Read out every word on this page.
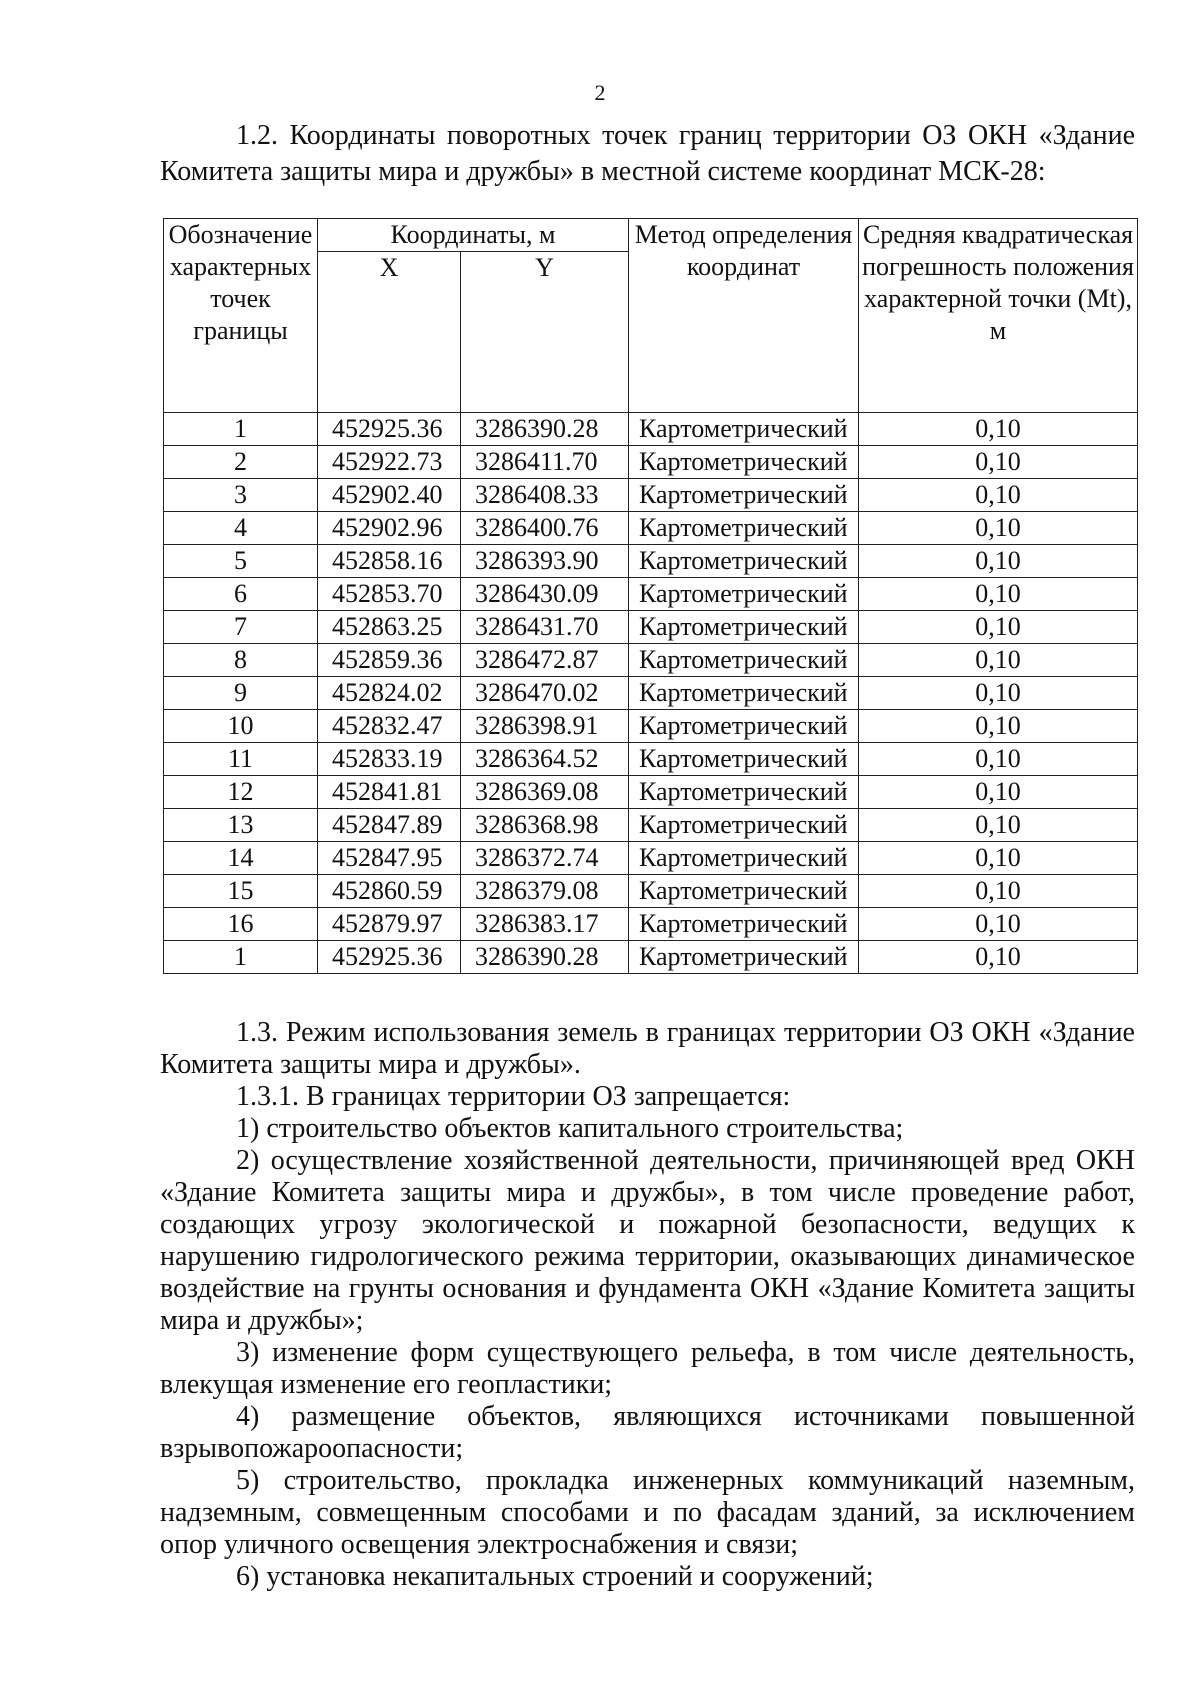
2

1.2. Координаты поворотных точек границ территории ОЗ ОКН «Здание Комитета защиты мира и дружбы» в местной системе координат МСК-28:

Обозначение характерных точек границы	Координаты, м		Метод определения координат	Средняя квадратическая погрешность положения характерной точки (Mt), м
	X	Y		
1	452925.36	3286390.28	Картометрический	0,10
2	452922.73	3286411.70	Картометрический	0,10
3	452902.40	3286408.33	Картометрический	0,10
4	452902.96	3286400.76	Картометрический	0,10
5	452858.16	3286393.90	Картометрический	0,10
6	452853.70	3286430.09	Картометрический	0,10
7	452863.25	3286431.70	Картометрический	0,10
8	452859.36	3286472.87	Картометрический	0,10
9	452824.02	3286470.02	Картометрический	0,10
10	452832.47	3286398.91	Картометрический	0,10
11	452833.19	3286364.52	Картометрический	0,10
12	452841.81	3286369.08	Картометрический	0,10
13	452847.89	3286368.98	Картометрический	0,10
14	452847.95	3286372.74	Картометрический	0,10
15	452860.59	3286379.08	Картометрический	0,10
16	452879.97	3286383.17	Картометрический	0,10
1	452925.36	3286390.28	Картометрический	0,10

1.3. Режим использования земель в границах территории ОЗ ОКН «Здание Комитета защиты мира и дружбы».

1.3.1. В границах территории ОЗ запрещается:

1) строительство объектов капитального строительства;

2) осуществление хозяйственной деятельности, причиняющей вред ОКН «Здание Комитета защиты мира и дружбы», в том числе проведение работ, создающих угрозу экологической и пожарной безопасности, ведущих к нарушению гидрологического режима территории, оказывающих динамическое воздействие на грунты основания и фундамента ОКН «Здание Комитета защиты мира и дружбы»;

3) изменение форм существующего рельефа, в том числе деятельность, влекущая изменение его геопластики;

4) размещение объектов, являющихся источниками повышенной взрывопожароопасности;

5) строительство, прокладка инженерных коммуникаций наземным, надземным, совмещенным способами и по фасадам зданий, за исключением опор уличного освещения электроснабжения и связи;

6) установка некапитальных строений и сооружений;
